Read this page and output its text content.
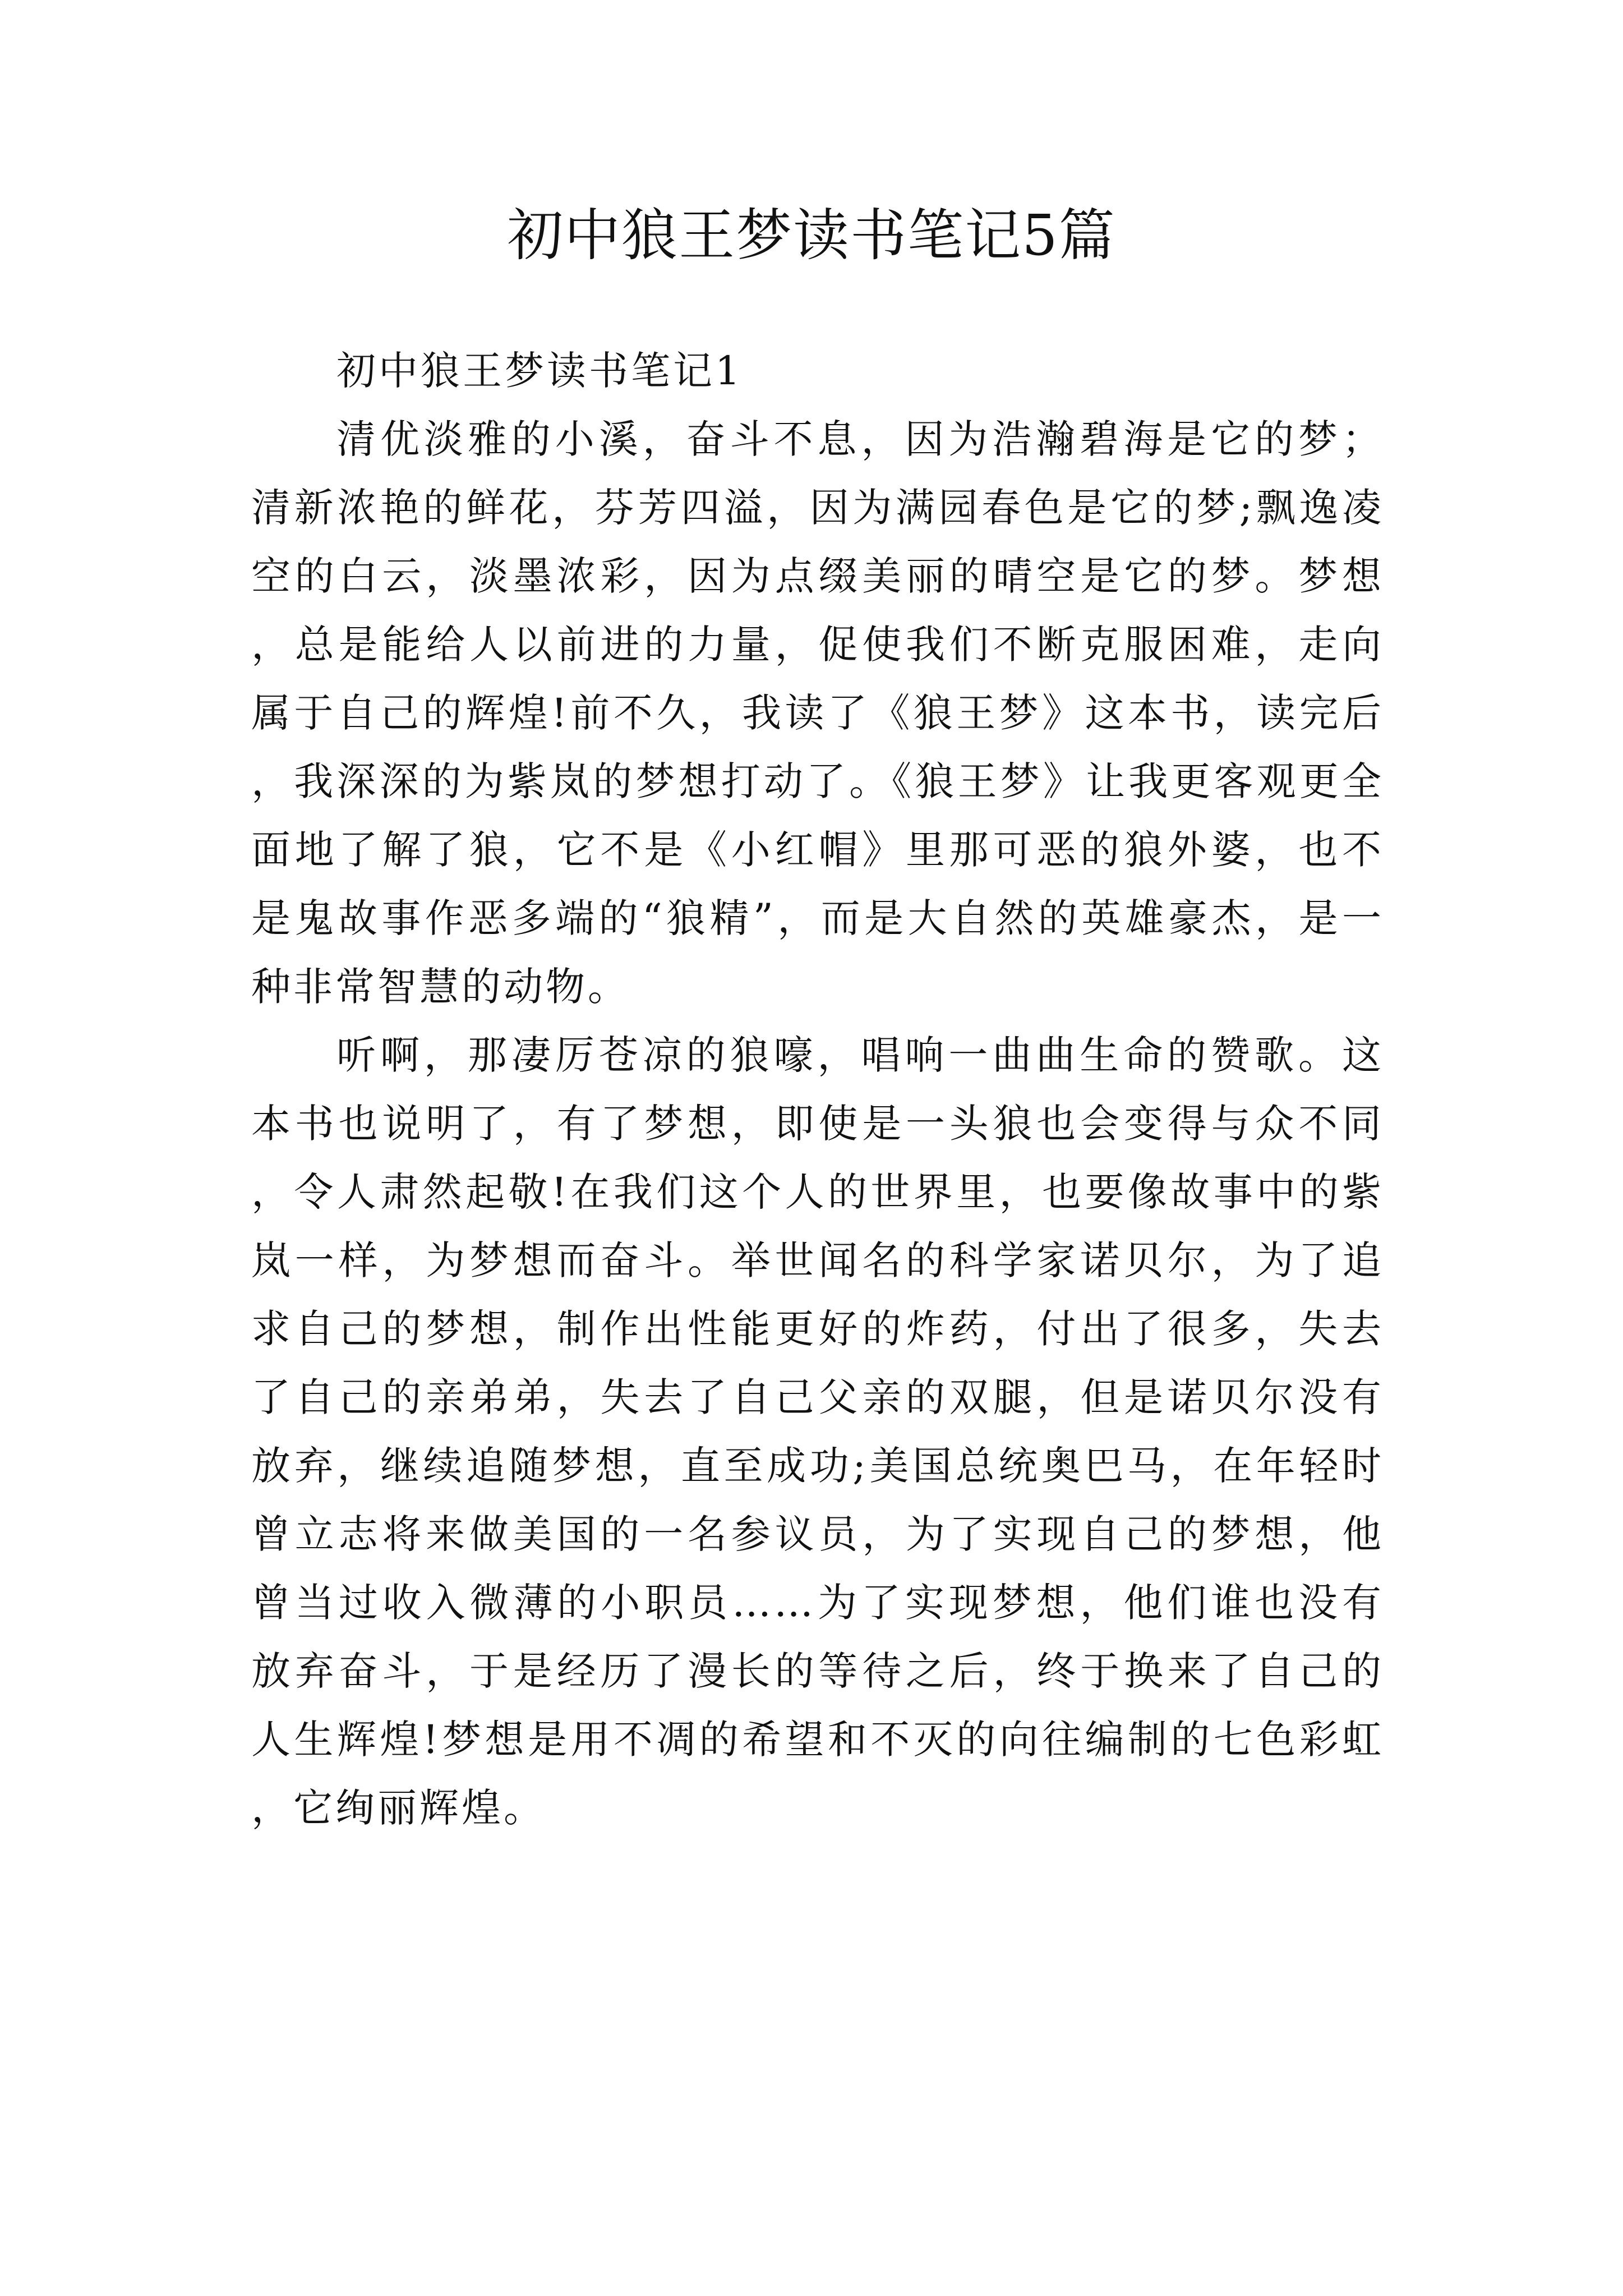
初中狼王梦读书笔记5篇
初中狼王梦读书笔记1

清优淡雅的小溪，奋斗不息，因为浩瀚碧海是它的梦；清新浓艳的鲜花，芬芳四溢，因为满园春色是它的梦;飘逸凌空的白云，淡墨浓彩，因为点缀美丽的晴空是它的梦。梦想，总是能给人以前进的力量，促使我们不断克服困难，走向属于自己的辉煌!前不久，我读了《狼王梦》这本书，读完后，我深深的为紫岚的梦想打动了。《狼王梦》让我更客观更全面地了解了狼，它不是《小红帽》里那可恶的狼外婆，也不是鬼故事作恶多端的“狼精”，而是大自然的英雄豪杰，是一种非常智慧的动物。

听啊，那凄厉苍凉的狼嚎，唱响一曲曲生命的赞歌。这本书也说明了，有了梦想，即使是一头狼也会变得与众不同，令人肃然起敬!在我们这个人的世界里，也要像故事中的紫岚一样，为梦想而奋斗。举世闻名的科学家诺贝尔，为了追求自己的梦想，制作出性能更好的炸药，付出了很多，失去了自己的亲弟弟，失去了自己父亲的双腿，但是诺贝尔没有放弃，继续追随梦想，直至成功;美国总统奥巴马，在年轻时曾立志将来做美国的一名参议员，为了实现自己的梦想，他曾当过收入微薄的小职员……为了实现梦想，他们谁也没有放弃奋斗，于是经历了漫长的等待之后，终于换来了自己的人生辉煌!梦想是用不凋的希望和不灭的向往编制的七色彩虹，它绚丽辉煌。
